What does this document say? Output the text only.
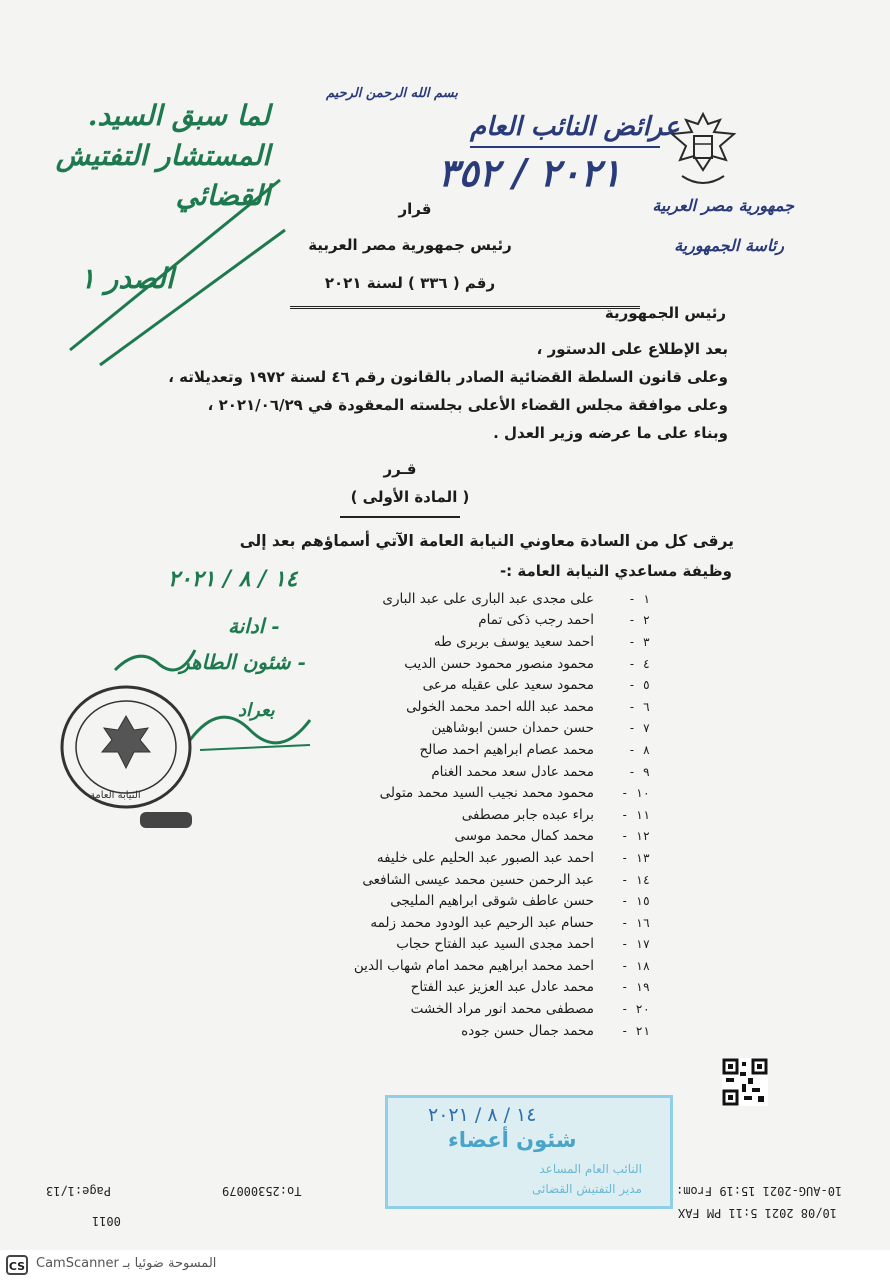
جمهورية مصر العربية
رئاسة الجمهورية
بسم الله الرحمن الرحيم
عرائض النائب العام
٢٠٢١ / ٣٥٢
قرار
رئيس جمهورية مصر العربية
رقم ( ٣٣٦ ) لسنة ٢٠٢١
رئيس الجمهورية
بعد الإطلاع على الدستور ،
وعلى قانون السلطة القضائية الصادر بالقانون رقم ٤٦ لسنة ١٩٧٢ وتعديلاته ،
وعلى موافقة مجلس القضاء الأعلى بجلسته المعقودة في ٢٠٢١/٠٦/٢٩ ،
وبناء على ما عرضه وزير العدل .
قـرر
( المادة الأولى )
يرقى كل من السادة معاوني النيابة العامة الآتي أسماؤهم بعد إلى
وظيفة مساعدي النيابة العامة :-
١ -
على مجدى عبد البارى على عبد البارى
٢ -
احمد رجب ذكى تمام
٣ -
احمد سعيد يوسف بربرى طه
٤ -
محمود منصور محمود حسن الديب
٥ -
محمود سعيد على عقيله مرعى
٦ -
محمد عبد الله احمد محمد الخولى
٧ -
حسن حمدان حسن ابوشاهين
٨ -
محمد عصام ابراهيم احمد صالح
٩ -
محمد عادل سعد محمد الغنام
١٠ -
محمود محمد نجيب السيد محمد متولى
١١ -
براء عبده جابر مصطفى
١٢ -
محمد كمال محمد موسى
١٣ -
احمد عبد الصبور عبد الحليم على خليفه
١٤ -
عبد الرحمن حسين محمد عيسى الشافعى
١٥ -
حسن عاطف شوقى ابراهيم المليجى
١٦ -
حسام عبد الرحيم عبد الودود محمد زلمه
١٧ -
احمد مجدى السيد عبد الفتاح حجاب
١٨ -
احمد محمد ابراهيم محمد امام شهاب الدين
١٩ -
محمد عادل عبد العزيز عبد الفتاح
٢٠ -
مصطفى محمد انور مراد الخشت
٢١ -
محمد جمال حسن جوده
لما سبق السيد. المستشار التفتيش القضائي
الصدر ١
١٤ / ٨ / ٢٠٢١
- ادانة
- شئون الطاهر
بعراد
النيابة العامة
١٤ / ٨ / ٢٠٢١
شئون أعضاء
النائب العام المساعد
مدير التفتيش القضائى
Page:1/13	To:25300079	10-AUG-2021 15:19 From:
10/08 2021 5:11 PM FAX
0011
CS CamScanner المسوحة ضوئيا بـ
